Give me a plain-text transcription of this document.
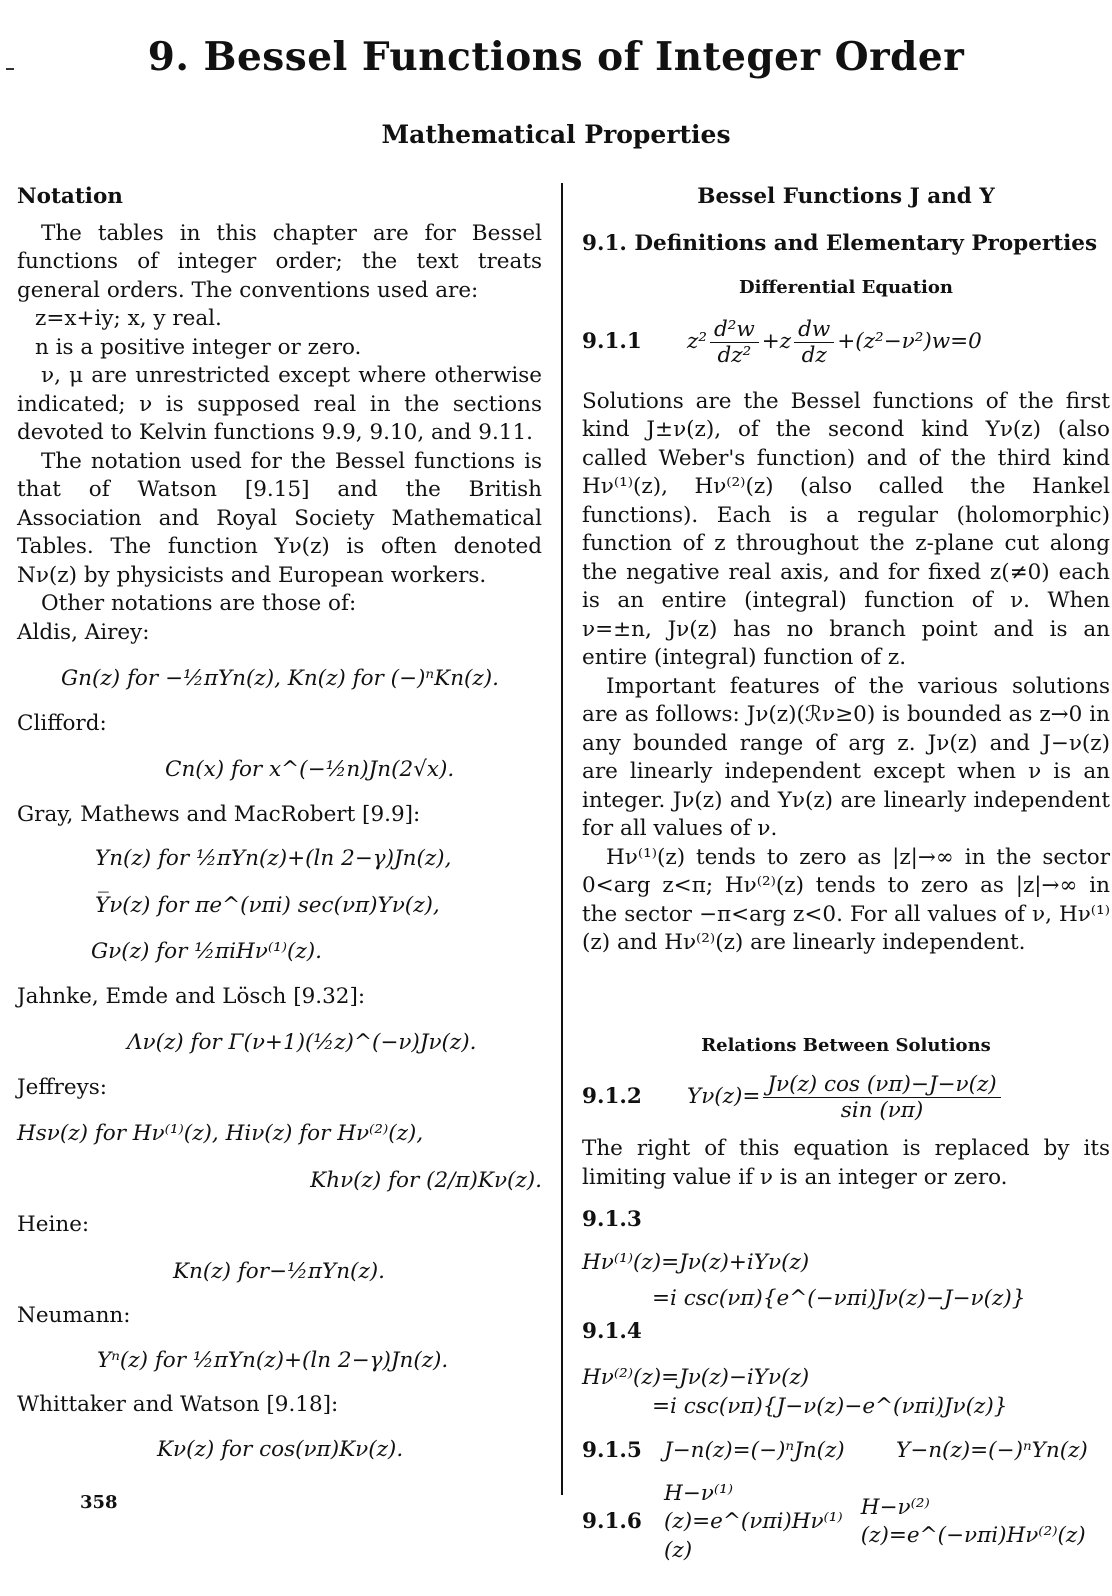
9. Bessel Functions of Integer Order
Mathematical Properties
Notation

The tables in this chapter are for Bessel functions of integer order; the text treats general orders. The conventions used are:

z=x+iy; x, y real.

n is a positive integer or zero.

ν, μ are unrestricted except where otherwise indicated; ν is supposed real in the sections devoted to Kelvin functions 9.9, 9.10, and 9.11.

The notation used for the Bessel functions is that of Watson [9.15] and the British Association and Royal Society Mathematical Tables. The function Yν(z) is often denoted Nν(z) by physicists and European workers.

Other notations are those of:

Aldis, Airey:

Gn(z) for −½πYn(z), Kn(z) for (−)ⁿKn(z).

Clifford:

Cn(x) for x^(−½n)Jn(2√x).

Gray, Mathews and MacRobert [9.9]:

Yn(z) for ½πYn(z)+(ln 2−γ)Jn(z),

Y̅ν(z) for πe^(νπi) sec(νπ)Yν(z),

Gν(z) for ½πiHν⁽¹⁾(z).

Jahnke, Emde and Lösch [9.32]:

Λν(z) for Γ(ν+1)(½z)^(−ν)Jν(z).

Jeffreys:

Hsν(z) for Hν⁽¹⁾(z), Hiν(z) for Hν⁽²⁾(z),

Khν(z) for (2/π)Kν(z).

Heine:

Kn(z) for−½πYn(z).

Neumann:

Yⁿ(z) for ½πYn(z)+(ln 2−γ)Jn(z).

Whittaker and Watson [9.18]:

Kν(z) for cos(νπ)Kν(z).

Bessel Functions J and Y
9.1. Definitions and Elementary Properties
Differential Equation
9.1.1	$z^2 \frac{\text{d²w}}{\text{dz²}} +z \frac{dw}{dz} +(z^2-\nu^2)w=0$

Solutions are the Bessel functions of the first kind J±ν(z), of the second kind Yν(z) (also called Weber's function) and of the third kind Hν⁽¹⁾(z), Hν⁽²⁾(z) (also called the Hankel functions). Each is a regular (holomorphic) function of z throughout the z-plane cut along the negative real axis, and for fixed z(≠0) each is an entire (integral) function of ν. When ν=±n, Jν(z) has no branch point and is an entire (integral) function of z.

Important features of the various solutions are as follows: Jν(z)(ℛν≥0) is bounded as z→0 in any bounded range of arg z. Jν(z) and J−ν(z) are linearly independent except when ν is an integer. Jν(z) and Yν(z) are linearly independent for all values of ν.

Hν⁽¹⁾(z) tends to zero as |z|→∞ in the sector 0<arg z<π; Hν⁽²⁾(z) tends to zero as |z|→∞ in the sector −π<arg z<0. For all values of ν, Hν⁽¹⁾(z) and Hν⁽²⁾(z) are linearly independent.

Relations Between Solutions
9.1.2	$Y\nu(z)= \frac{J\nu(z) \cos (\nu\pi)-J-\nu(z)}{\sin (\nu\pi)}$

The right of this equation is replaced by its limiting value if ν is an integer or zero.

9.1.3

Hν⁽¹⁾(z)=Jν(z)+iYν(z)

=i csc(νπ){e^(−νπi)Jν(z)−J−ν(z)}

9.1.4

Hν⁽²⁾(z)=Jν(z)−iYν(z)

=i csc(νπ){J−ν(z)−e^(νπi)Jν(z)}

9.1.5	J−n(z)=(−)ⁿJn(z)	Y−n(z)=(−)ⁿYn(z)
9.1.6
H−ν⁽¹⁾(z)=e^(νπi)Hν⁽¹⁾(z)
H−ν⁽²⁾(z)=e^(−νπi)Hν⁽²⁾(z)
358
